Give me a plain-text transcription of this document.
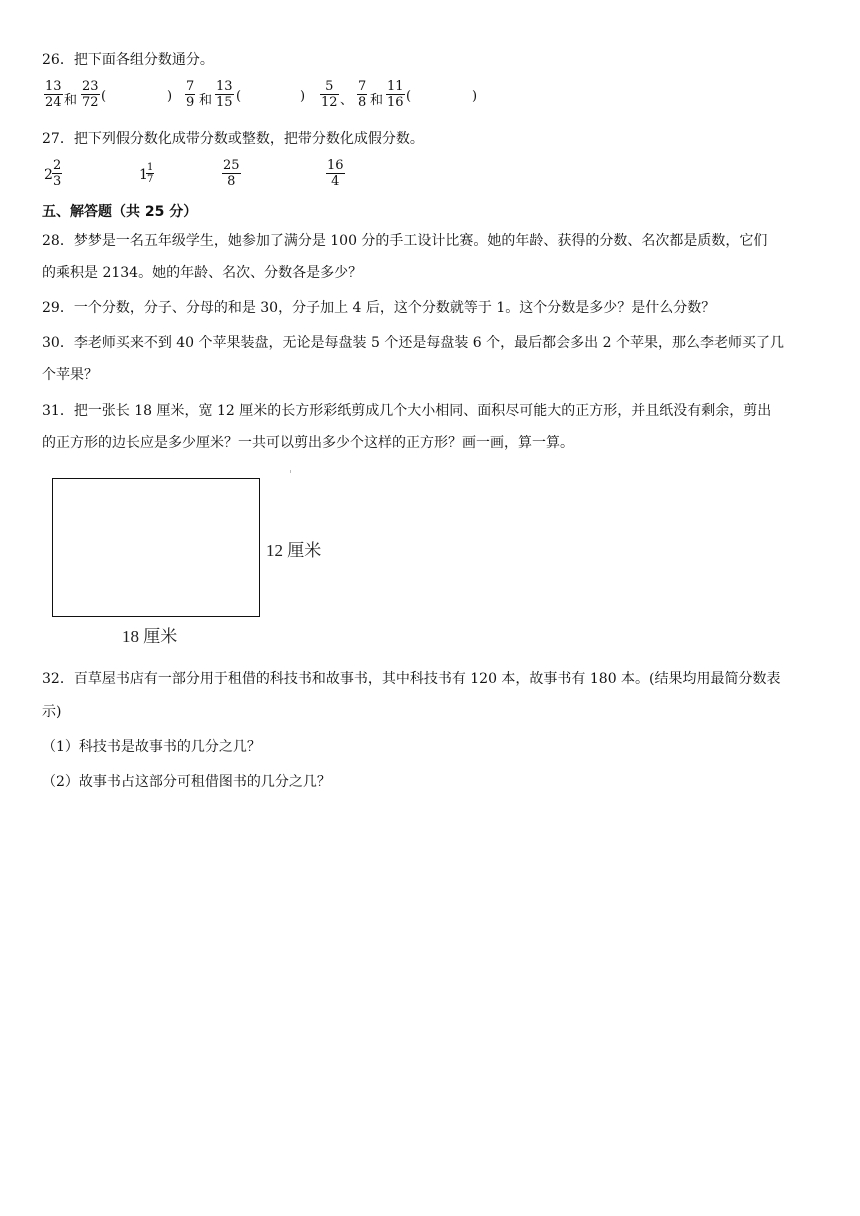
26．把下面各组分数通分。
13
24 和
23
72 (	)
7
9 和
13
15 (	)
5
12 、
7
8 和
11
16 (	)
27．把下列假分数化成带分数或整数，把带分数化成假分数。
2
2
3	1 1
7
25
8
16
4
五、解答题（共 25 分）
28．梦梦是一名五年级学生，她参加了满分是 100 分的手工设计比赛。她的年龄、获得的分数、名次都是质数，它们
的乘积是 2134。她的年龄、名次、分数各是多少？
29．一个分数，分子、分母的和是 30，分子加上 4 后，这个分数就等于 1。这个分数是多少？是什么分数？
30．李老师买来不到 40 个苹果装盘，无论是每盘装 5 个还是每盘装 6 个，最后都会多出 2 个苹果，那么李老师买了几
个苹果？
31．把一张长 18 厘米，宽 12 厘米的长方形彩纸剪成几个大小相同、面积尽可能大的正方形，并且纸没有剩余，剪出
的正方形的边长应是多少厘米？一共可以剪出多少个这样的正方形？画一画，算一算。
12 厘米
18 厘米
32．百草屋书店有一部分用于租借的科技书和故事书，其中科技书有 120 本，故事书有 180 本。(结果均用最简分数表
示)
（1）科技书是故事书的几分之几？
（2）故事书占这部分可租借图书的几分之几？
